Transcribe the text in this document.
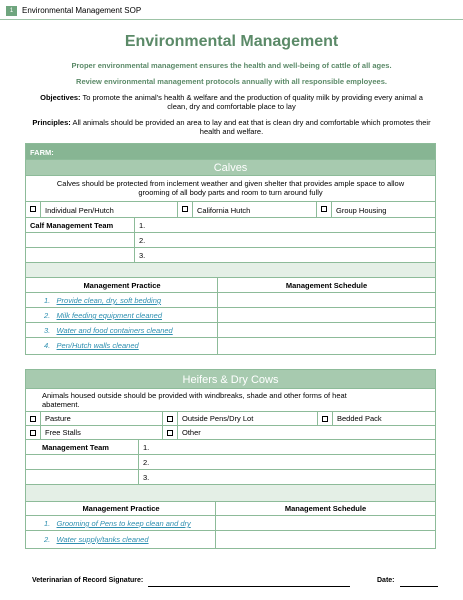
1	Environmental Management SOP
Environmental Management
Proper environmental management ensures the health and well-being of cattle of all ages.
Review environmental management protocols annually with all responsible employees.
Objectives: To promote the animal's health & welfare and the production of quality milk by providing every animal a
clean, dry and comfortable place to lay
Principles: All animals should be provided an area to lay and eat that is clean dry and comfortable which promotes their
health and welfare.
FARM:
Calves
Calves should be protected from inclement weather and given shelter that provides ample space to allow
grooming of all body parts and room to turn around fully
Individual Pen/Hutch	California Hutch	Group Housing
Calf Management Team	1.
2.
3.
Management Practice	Management Schedule
1. Provide clean, dry, soft bedding
2. Milk feeding equipment cleaned
3. Water and food containers cleaned
4. Pen/Hutch walls cleaned
Heifers & Dry Cows
Animals housed outside should be provided with windbreaks, shade and other forms of heat
abatement.
Pasture	Outside Pens/Dry Lot	Bedded Pack
Free Stalls	Other
Management Team	1.
2.
3.
Management Practice	Management Schedule
1. Grooming of Pens to keep clean and dry
2. Water supply/tanks cleaned
Veterinarian of Record Signature:	Date:
